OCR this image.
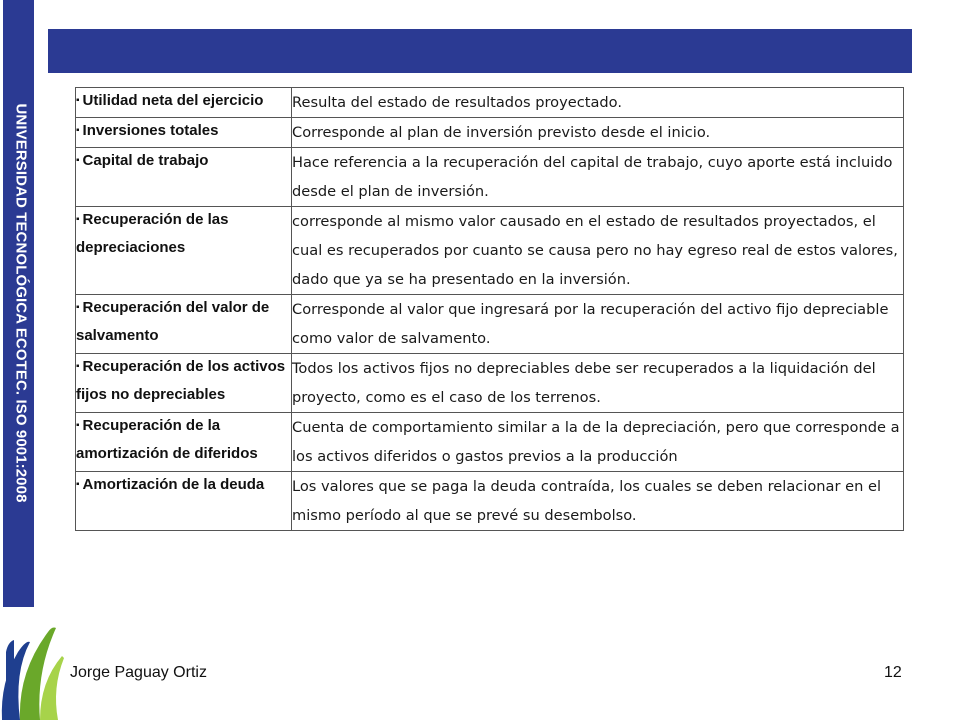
UNIVERSIDAD TECNOLÓGICA ECOTEC. ISO 9001:2008
▪ Utilidad neta del ejercicio	Resulta del estado de resultados proyectado.
▪ Inversiones totales	Corresponde al plan de inversión previsto desde el inicio.
▪ Capital de trabajo	Hace referencia a la recuperación del capital de trabajo, cuyo aporte está incluido desde el plan de inversión.
▪ Recuperación de las depreciaciones	corresponde al mismo valor causado en el estado de resultados proyectados, el cual es recuperados por cuanto se causa pero no hay egreso real de estos valores, dado que ya se ha presentado en la inversión.
▪ Recuperación del valor de salvamento	Corresponde al valor que ingresará por la recuperación del activo fijo depreciable como valor de salvamento.
▪ Recuperación de los activos fijos no depreciables	Todos los activos fijos no depreciables debe ser recuperados a la liquidación del proyecto, como es el caso de los terrenos.
▪ Recuperación de la amortización de diferidos	Cuenta de comportamiento similar a la de la depreciación, pero que corresponde a los activos diferidos o gastos previos a la producción
▪ Amortización de la deuda	Los valores que se paga la deuda contraída, los cuales se deben relacionar en el mismo período al que se prevé su desembolso.
Jorge Paguay Ortiz	12
